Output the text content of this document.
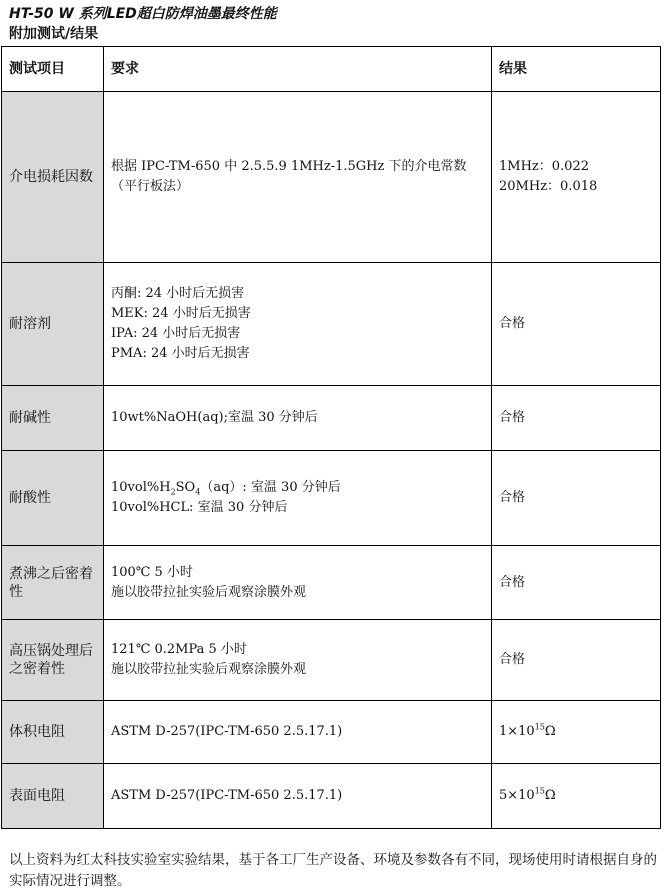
HT-50 W 系列LED超白防焊油墨最终性能
附加测试/结果
测试项目	要求	结果
介电损耗因数	根据 IPC-TM-650 中 2.5.5.9 1MHz-1.5GHz 下的介电常数（平行板法）	1MHz：0.022
20MHz：0.018

耐溶剂	丙酮: 24 小时后无损害
MEK: 24 小时后无损害
IPA: 24 小时后无损害
PMA: 24 小时后无损害	合格

耐碱性	10wt%NaOH(aq);室温 30 分钟后	合格

耐酸性	$10vol\%H_2SO_4(aq)$: 室温 30 分钟后
10vol%HCL: 室温 30 分钟后	合格

煮沸之后密着性	100℃ 5 小时
施以胶带拉扯实验后观察涂膜外观	合格

高压锅处理后之密着性	121℃ 0.2MPa 5 小时
施以胶带拉扯实验后观察涂膜外观	合格

体积电阻	ASTM D-257(IPC-TM-650 2.5.17.1)	$1\times 10^{15}\Omega$

表面电阻	ASTM D-257(IPC-TM-650 2.5.17.1)	$5\times 10^{15}\Omega$
以上资料为红太科技实验室实验结果，基于各工厂生产设备、环境及参数各有不同，现场使用时请根据自身的实际情况进行调整。
